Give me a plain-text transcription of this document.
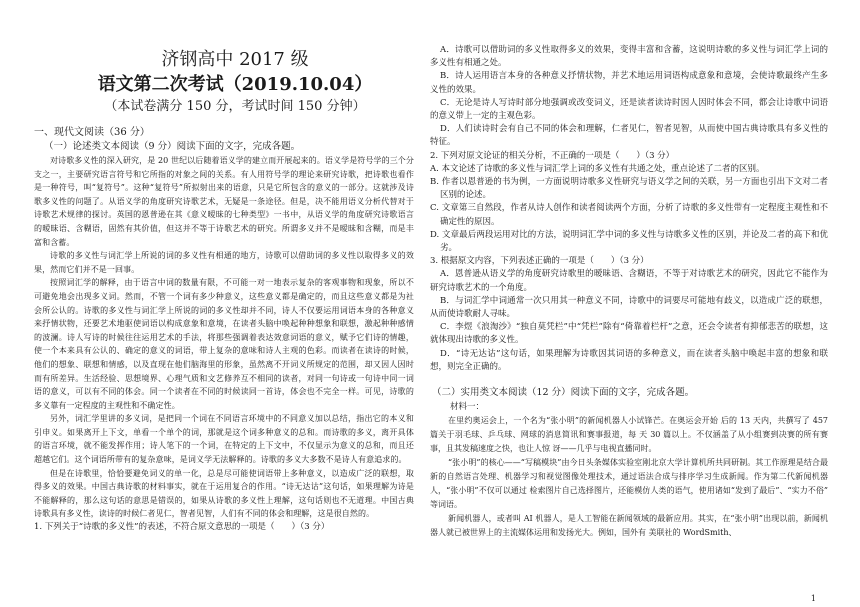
济钢高中 2017 级

语文第二次考试（2019.10.04）

（本试卷满分 150 分，考试时间 150 分钟）

一、现代文阅读（36 分）

（一）论述类文本阅读（9 分）阅读下面的文字，完成各题。

对诗歌多义性的深入研究，是 20 世纪以后随着语义学的建立而开展起来的。语义学是符号学的三个分支之一，主要研究语言符号和它所指的对象之间的关系。有人用符号学的理论来研究诗歌，把诗歌也看作是一种符号，叫“复符号”。这种“复符号”所拟射出来的语意，只是它所包含的意义的一部分。这就涉及诗歌多义性的问题了。从语义学的角度研究诗歌艺术，无疑是一条途径。但是，决不能用语义分析代替对于诗歌艺术规律的探讨。英国的恩普逊在其《意义暧昧的七种类型》一书中，从语义学的角度研究诗歌语言的暧昧语、含糊语，固然有其价值，但这并不等于诗歌艺术的研究。所谓多义并不是暧昧和含糊，而是丰富和含蓄。

诗歌的多义性与词汇学上所说的词的多义性有相通的地方，诗歌可以借助词的多义性以取得多义的效果，然而它们并不是一回事。

按照词汇学的解释，由于语言中词的数量有限，不可能一对一地表示复杂的客观事物和现象，所以不可避免地会出现多义词。然而，不管一个词有多少种意义，这些意义都是确定的，而且这些意义都是为社会所公认的。诗歌的多义性与词汇学上所说的词的多义性却并不同，诗人不仅要运用词语本身的各种意义来抒情状物，还要艺术地驱使词语以构成意象和意境，在读者头脑中唤起种种想象和联想，激起种种感情的波澜。诗人写诗的时候往往运用艺术的手法，将那些强调着表达效意词语的意义，赋予它们诗的情趣，使一个本来具有公认的、确定的意义的词语，带上复杂的意味和诗人主观的色彩。而读者在读诗的时候，他们的想象、联想和情感，以及直现在他们脑海里的形象，虽然离不开词义所规定的范围，却又因人因时而有所差异。生活经验、思想境界、心理气质和文艺修养互不相同的读者，对同一句诗或一句诗中同一词语的意义，可以有不同的体会。同一个读者在不同的时候读同一首诗，体会也不完全一样。可见，诗歌的多义靠有一定程度的主观性和不确定性。

另外，词汇学里讲的多义词，是把同一个词在不同语言环境中的不同意义加以总结，指出它的本义和引申义。如果离开上下文，单看一个单个的词，那就是这个词多种意义的总和。而诗歌的多义，离开具体的语言环境，就不能发挥作用；诗人笔下的一个词，在特定的上下文中，不仅显示为意义的总和，而且还超越它们。这个词语所带有的复杂意味，是词义学无法解释的。诗歌的多义大多数不是诗人有意追求的。

但是在诗歌里，恰恰要避免词义的单一化，总是尽可能使词语带上多种意义，以造成广泛的联想，取得多义的效果。中国古典诗歌的材料事实，就在于运用复合的作用。“诗无达诂”这句话，如果理解为诗是不能解释的，那么这句话的意思是错误的，如果从诗歌的多义性上理解，这句话则也不无道理。中国古典诗歌具有多义性，读诗的时候仁者见仁，智者见智，人们有不同的体会和理解，这是很自然的。

1. 下列关于“诗歌的多义性”的表述，不符合原文意思的一项是（　　）（3 分）

A．诗歌可以借助词的多义性取得多义的效果，变得丰富和含蓄，这说明诗歌的多义性与词汇学上词的多义性有相通之处。

B．诗人运用语言本身的各种意义抒情状物，并艺术地运用词语构成意象和意境，会使诗歌最终产生多义性的效果。

C．无论是诗人写诗时部分地强调或改变词义，还是读者读诗时因人因时体会不同，都会让诗歌中词语的意义带上一定的主观色彩。

D．人们读诗时会有自己不同的体会和理解，仁者见仁，智者见智，从而使中国古典诗歌具有多义性的特征。

2. 下列对原文论证的相关分析，不正确的一项是（　　）（3 分）

A. 本文论述了诗歌的多义性与词汇学上词的多义性有共通之处，重点论述了二者的区别。

B. 作者以恩普逊的书为例，一方面说明诗歌多义性研究与语义学之间的关联，另一方面也引出下文对二者区别的论述。

C. 文章第三自然段，作者从诗人创作和读者阅读两个方面，分析了诗歌的多义性带有一定程度主观性和不确定性的原因。

D. 文章最后两段运用对比的方法，说明词汇学中词的多义性与诗歌多义性的区别，并论及二者的高下和优劣。

3. 根据原文内容，下列表述正确的一项是（　　）（3 分）

A．恩普逊从语义学的角度研究诗歌里的暧昧语、含糊语，不等于对诗歌艺术的研究，因此它不能作为研究诗歌艺术的一个角度。

B．与词汇学中词通常一次只用其一种意义不同，诗歌中的词要尽可能地有歧义，以造成广泛的联想，从而使诗歌耐人寻味。

C．李煜《浪淘沙》“独自莫凭栏”中“凭栏”除有“倚靠着栏杆”之意，还会令读者有抑郁悲苦的联想，这就体现出诗歌的多义性。

D．“诗无达诂”这句话，如果理解为诗歌因其词语的多种意义，而在读者头脑中唤起丰富的想象和联想，则完全正确的。

（二）实用类文本阅读（12 分）阅读下面的文字，完成各题。

材料一：

在里约奥运会上，一个名为“张小明”的新闻机器人小试锋芒。在奥运会开始 后的 13 天内，共撰写了 457 篇关于羽毛球、乒乓球、网球的消息简讯和赛事报道，每 天 30 篇以上。不仅涵盖了从小组赛到决赛的所有赛事，且其发稿速度之快，也让人惊 讶——几乎与电视直播同时。

“张小明”的核心——“写稿模块”由今日头条媒体实验室刚北京大学计算机所共同研制。其工作原理是结合最新的自然语言处理、机器学习和视觉图像处理技术，通过语法合成与排序学习生成新闻。作为第二代新闻机器人，“张小明”不仅可以通过 检索图片自己选择图片，还能模仿人类的语气，使用诸如“发到了最后”、“实力不俗” 等词语。

新闻机器人，或者叫 AI 机器人，是人工智能在新闻领域的最新应用。其实，在“张小明”出现以前，新闻机器人就已被世界上的主流媒体运用和发扬光大。例如，国外有 美联社的 WordSmith、

1
